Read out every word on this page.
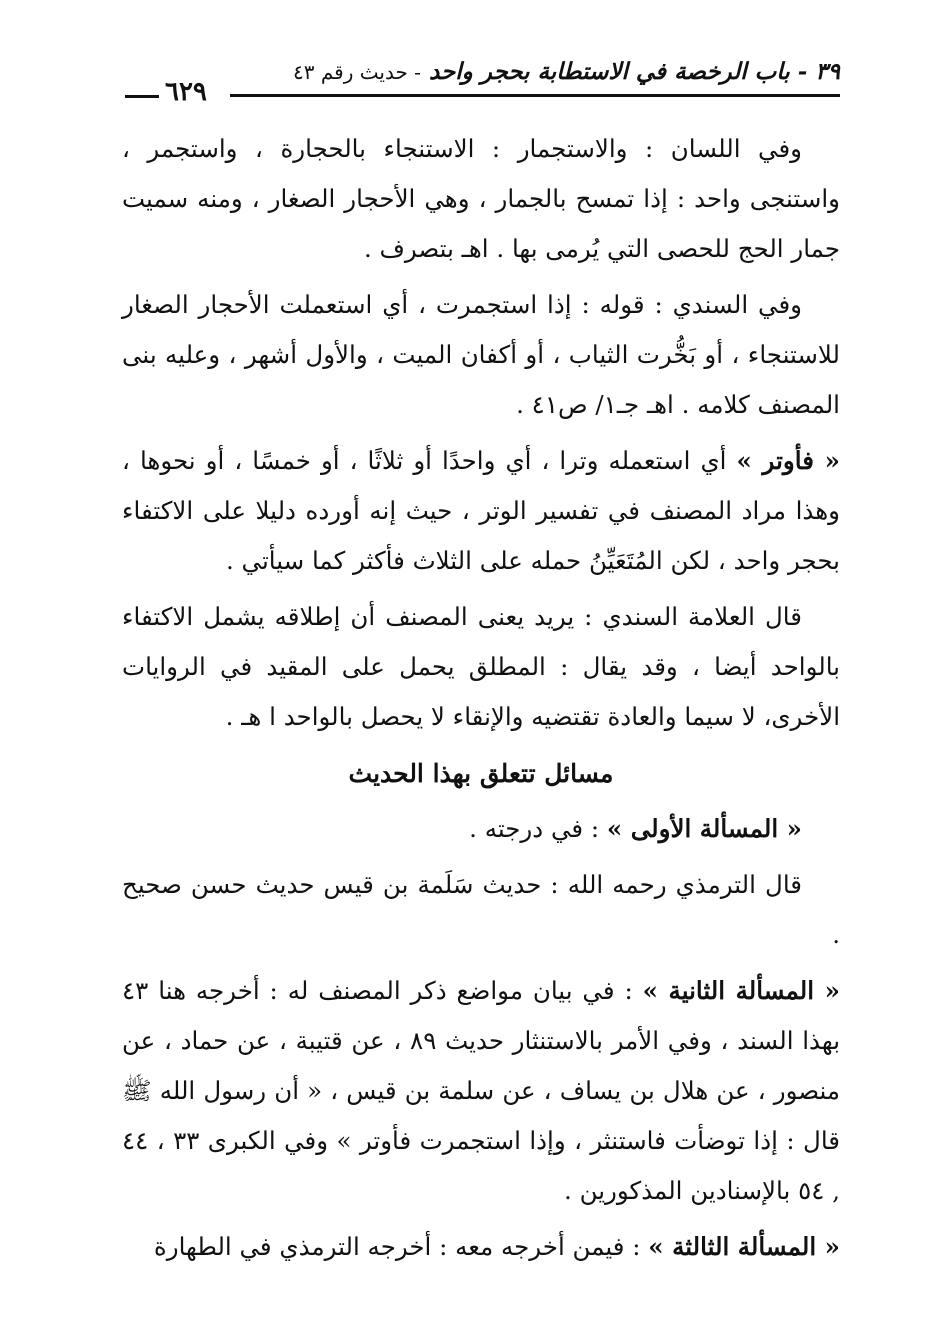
٣٩ - باب الرخصة في الاستطابة بحجر واحد - حديث رقم ٤٣
٦٢٩

وفي اللسان : والاستجمار : الاستنجاء بالحجارة ، واستجمر ، واستنجى واحد : إذا تمسح بالجمار ، وهي الأحجار الصغار ، ومنه سميت جمار الحج للحصى التي يُرمى بها . اهـ بتصرف .

وفي السندي : قوله : إذا استجمرت ، أي استعملت الأحجار الصغار للاستنجاء ، أو بَخُّرت الثياب ، أو أكفان الميت ، والأول أشهر ، وعليه بنى المصنف كلامه . اهـ جـ١/ ص٤١ .

« فأوتر » أي استعمله وترا ، أي واحدًا أو ثلاثًا ، أو خمسًا ، أو نحوها ، وهذا مراد المصنف في تفسير الوتر ، حيث إنه أورده دليلا على الاكتفاء بحجر واحد ، لكن المُتَعَيِّنُ حمله على الثلاث فأكثر كما سيأتي .

قال العلامة السندي : يريد يعنى المصنف أن إطلاقه يشمل الاكتفاء بالواحد أيضا ، وقد يقال : المطلق يحمل على المقيد في الروايات الأخرى، لا سيما والعادة تقتضيه والإنقاء لا يحصل بالواحد ا هـ .

مسائل تتعلق بهذا الحديث

« المسألة الأولى » : في درجته .

قال الترمذي رحمه الله : حديث سَلَمة بن قيس حديث حسن صحيح .

« المسألة الثانية » : في بيان مواضع ذكر المصنف له : أخرجه هنا ٤٣ بهذا السند ، وفي الأمر بالاستنثار حديث ٨٩ ، عن قتيبة ، عن حماد ، عن منصور ، عن هلال بن يساف ، عن سلمة بن قيس ، « أن رسول الله ﷺ قال : إذا توضأت فاستنثر ، وإذا استجمرت فأوتر » وفي الكبرى ٣٣ ، ٤٤ , ٥٤ بالإسنادين المذكورين .

« المسألة الثالثة » : فيمن أخرجه معه : أخرجه الترمذي في الطهارة
